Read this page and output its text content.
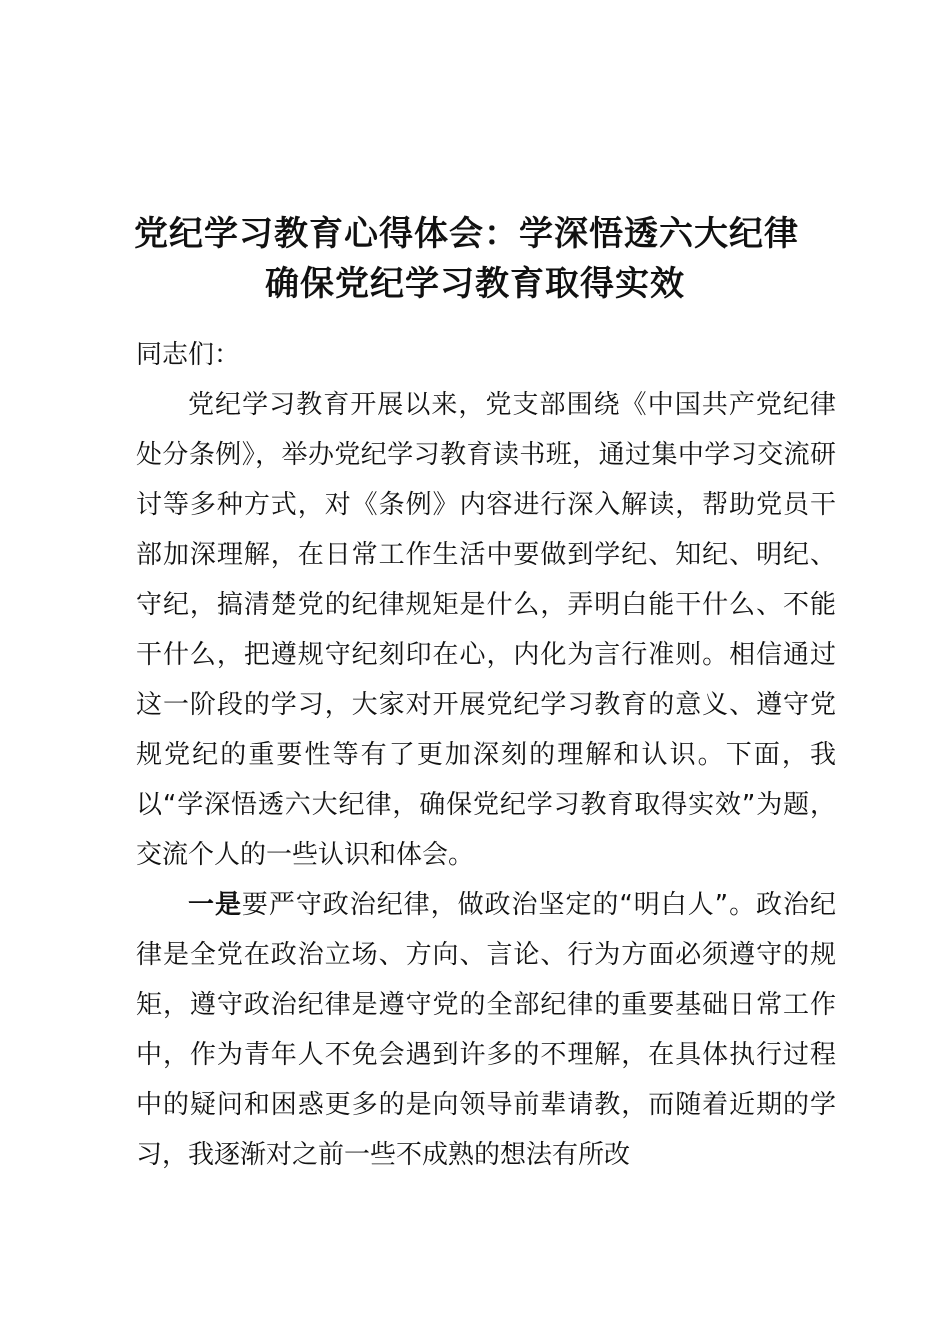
党纪学习教育心得体会：学深悟透六大纪律
确保党纪学习教育取得实效

同志们：

党纪学习教育开展以来，党支部围绕《中国共产党纪律处分条例》，举办党纪学习教育读书班，通过集中学习交流研讨等多种方式，对《条例》内容进行深入解读，帮助党员干部加深理解，在日常工作生活中要做到学纪、知纪、明纪、守纪，搞清楚党的纪律规矩是什么，弄明白能干什么、不能干什么，把遵规守纪刻印在心，内化为言行准则。相信通过这一阶段的学习，大家对开展党纪学习教育的意义、遵守党规党纪的重要性等有了更加深刻的理解和认识。下面，我以“学深悟透六大纪律，确保党纪学习教育取得实效”为题，交流个人的一些认识和体会。

一是要严守政治纪律，做政治坚定的“明白人”。政治纪律是全党在政治立场、方向、言论、行为方面必须遵守的规矩，遵守政治纪律是遵守党的全部纪律的重要基础日常工作中，作为青年人不免会遇到许多的不理解，在具体执行过程中的疑问和困惑更多的是向领导前辈请教，而随着近期的学习，我逐渐对之前一些不成熟的想法有所改
